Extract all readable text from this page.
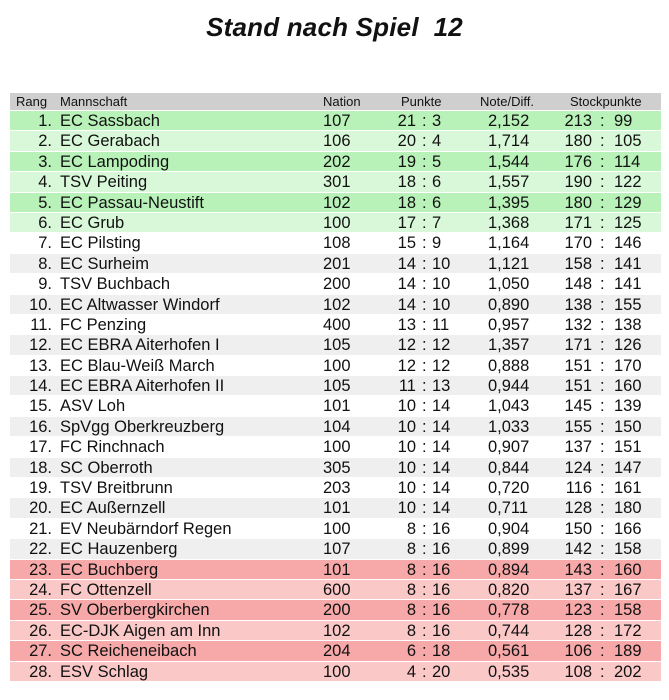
Stand nach Spiel  12
Rang Mannschaft	Nation	Punkte	Note/Diff.	Stockpunkte
1. EC Sassbach	107	21 : 3	2,152	213 : 99
2. EC Gerabach	106	20 : 4	1,714	180 : 105
3. EC Lampoding	202	19 : 5	1,544	176 : 114
4. TSV Peiting	301	18 : 6	1,557	190 : 122
5. EC Passau-Neustift	102	18 : 6	1,395	180 : 129
6. EC Grub	100	17 : 7	1,368	171 : 125
7. EC Pilsting	108	15 : 9	1,164	170 : 146
8. EC Surheim	201	14 : 10	1,121	158 : 141
9. TSV Buchbach	200	14 : 10	1,050	148 : 141
10. EC Altwasser Windorf	102	14 : 10	0,890	138 : 155
11. FC Penzing	400	13 : 11	0,957	132 : 138
12. EC EBRA Aiterhofen I	105	12 : 12	1,357	171 : 126
13. EC Blau-Weiß March	100	12 : 12	0,888	151 : 170
14. EC EBRA Aiterhofen II	105	11 : 13	0,944	151 : 160
15. ASV Loh	101	10 : 14	1,043	145 : 139
16. SpVgg Oberkreuzberg	104	10 : 14	1,033	155 : 150
17. FC Rinchnach	100	10 : 14	0,907	137 : 151
18. SC Oberroth	305	10 : 14	0,844	124 : 147
19. TSV Breitbrunn	203	10 : 14	0,720	116 : 161
20. EC Außernzell	101	10 : 14	0,711	128 : 180
21. EV Neubärndorf Regen	100	8 : 16	0,904	150 : 166
22. EC Hauzenberg	107	8 : 16	0,899	142 : 158
23. EC Buchberg	101	8 : 16	0,894	143 : 160
24. FC Ottenzell	600	8 : 16	0,820	137 : 167
25. SV Oberbergkirchen	200	8 : 16	0,778	123 : 158
26. EC-DJK Aigen am Inn	102	8 : 16	0,744	128 : 172
27. SC Reicheneibach	204	6 : 18	0,561	106 : 189
28. ESV Schlag	100	4 : 20	0,535	108 : 202
